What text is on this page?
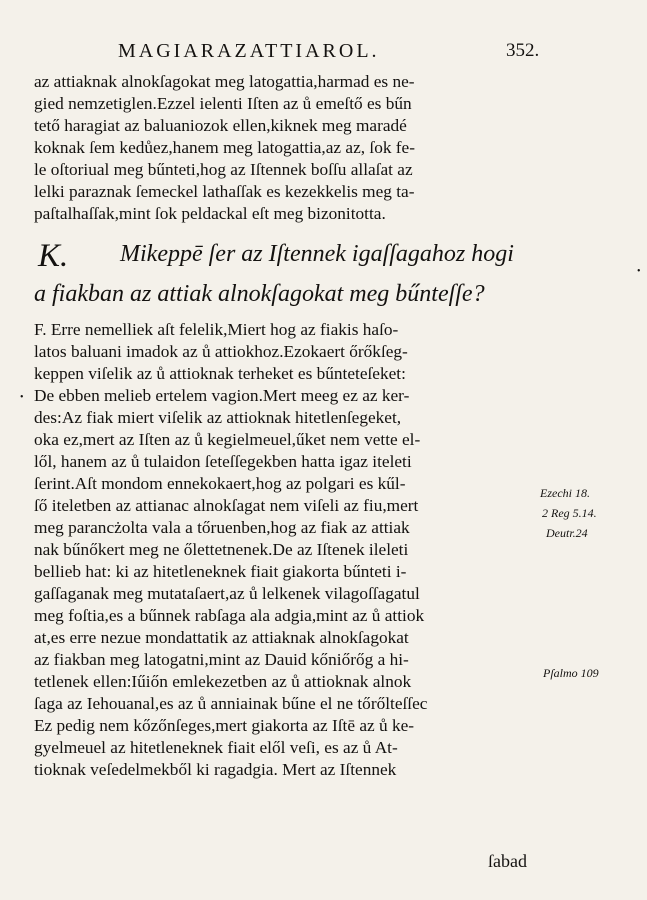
MAGIARAZATTIAROL.	352.
az attiaknak alnokſagokat meg latogattia,harmad es ne-
gied nemzetiglen.Ezzel ielenti Iſten az ů emeſtő es bűn
tető haragiat az baluaniozok ellen,kiknek meg maradé
koknak ſem kedůez,hanem meg latogattia,az az, ſok fe-
le oſtoriual meg bűnteti,hog az Iſtennek boſſu allaſat az
lelki paraznak ſemeckel lathaſſak es kezekkelis meg ta-
paſtalhaſſak,mint ſok peldackal eſt meg bizonitotta.
K. Mikeppē ſer az Iſtennek igaſſagahoz hogi
a fiakban az attiak alnokſagokat meg bűnteſſe?
F. Erre nemelliek aſt felelik,Miert hog az fiakis haſo-
latos baluani imadok az ů attiokhoz.Ezokaert őrőkſeg-
keppen viſelik az ů attioknak terheket es bűnteteſeket:
De ebben melieb ertelem vagion.Mert meeg ez az ker-
des:Az fiak miert viſelik az attioknak hitetlenſegeket,
oka ez,mert az Iſten az ů kegielmeuel,űket nem vette el-
lől, hanem az ů tulaidon ſeteſſegekben hatta igaz iteleti
ſerint.Aſt mondom ennekokaert,hog az polgari es kűl-
ſő iteletben az attianac alnokſagat nem viſeli az fiu,mert
meg parancżolta vala a tőruenben,hog az fiak az attiak
nak bűnőkert meg ne őlettetnenek.De az Iſtenek ileleti
bellieb hat: ki az hitetleneknek fiait giakorta bűnteti i-
gaſſaganak meg mutataſaert,az ů lelkenek vilagoſſagatul
meg foſtia,es a bűnnek rabſaga ala adgia,mint az ů attiok
at,es erre nezue mondattatik az attiaknak alnokſagokat
az fiakban meg latogatni,mint az Dauid kőniőrőg a hi-
tetlenek ellen:Iűiőn emlekezetben az ů attioknak alnok
ſaga az Iehouanal,es az ů anniainak bűne el ne tőrőlteſſec
Ez pedig nem kőzőnſeges,mert giakorta az Iſtē az ů ke-
gyelmeuel az hitetleneknek fiait elől veſi, es az ů At-
tioknak veſedelmekből ki ragadgia. Mert az Iſtennek
Ezechi 18.
2 Reg 5.14.
Deutr.24
Pſalmo 109
•
•
ſabad
